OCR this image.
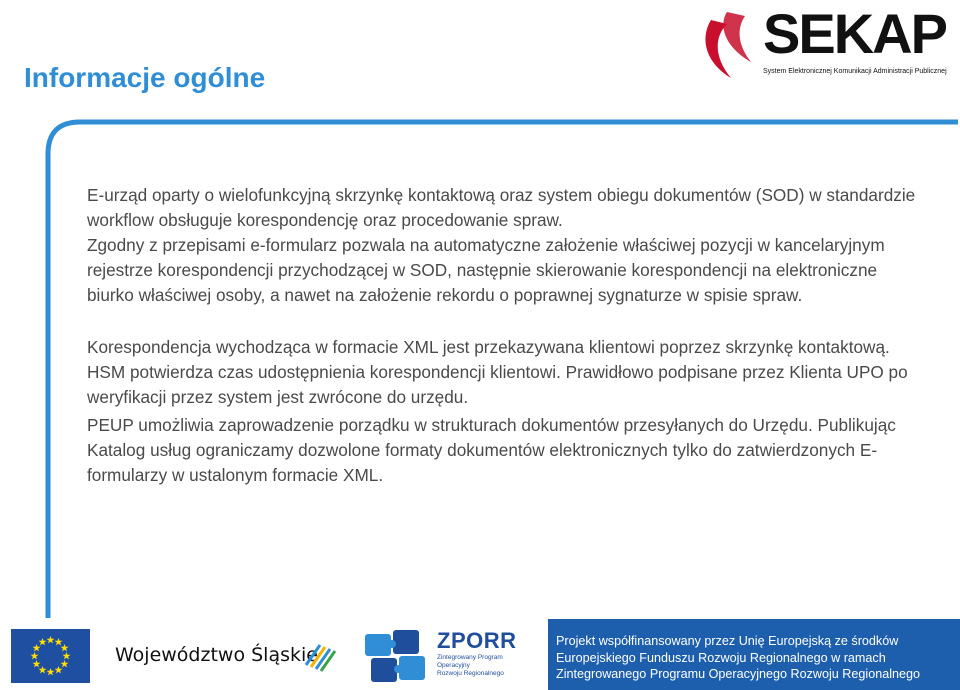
Informacje ogólne
SEKAP
System Elektronicznej Komunikacji Administracji Publicznej

E-urząd oparty o wielofunkcyjną skrzynkę kontaktową oraz system obiegu dokumentów (SOD) w standardzie workflow obsługuje korespondencję oraz procedowanie spraw.

Zgodny z przepisami e-formularz pozwala na automatyczne założenie właściwej pozycji w kancelaryjnym rejestrze korespondencji przychodzącej w SOD, następnie skierowanie korespondencji na elektroniczne biurko właściwej osoby, a nawet na założenie rekordu o poprawnej sygnaturze w spisie spraw.

Korespondencja wychodząca w formacie XML jest przekazywana klientowi poprzez skrzynkę kontaktową. HSM potwierdza czas udostępnienia korespondencji klientowi. Prawidłowo podpisane przez Klienta UPO po weryfikacji przez system jest zwrócone do urzędu.

PEUP umożliwia zaprowadzenie porządku w strukturach dokumentów przesyłanych do Urzędu. Publikując Katalog usług ograniczamy dozwolone formaty dokumentów elektronicznych tylko do zatwierdzonych E-formularzy w ustalonym formacie XML.

Województwo Śląskie
ZPORR
Zintegrowany Program
Operacyjny
Rozwoju Regionalnego
Projekt współfinansowany przez Unię Europejską ze środków
Europejskiego Funduszu Rozwoju Regionalnego w ramach
Zintegrowanego Programu Operacyjnego Rozwoju Regionalnego
